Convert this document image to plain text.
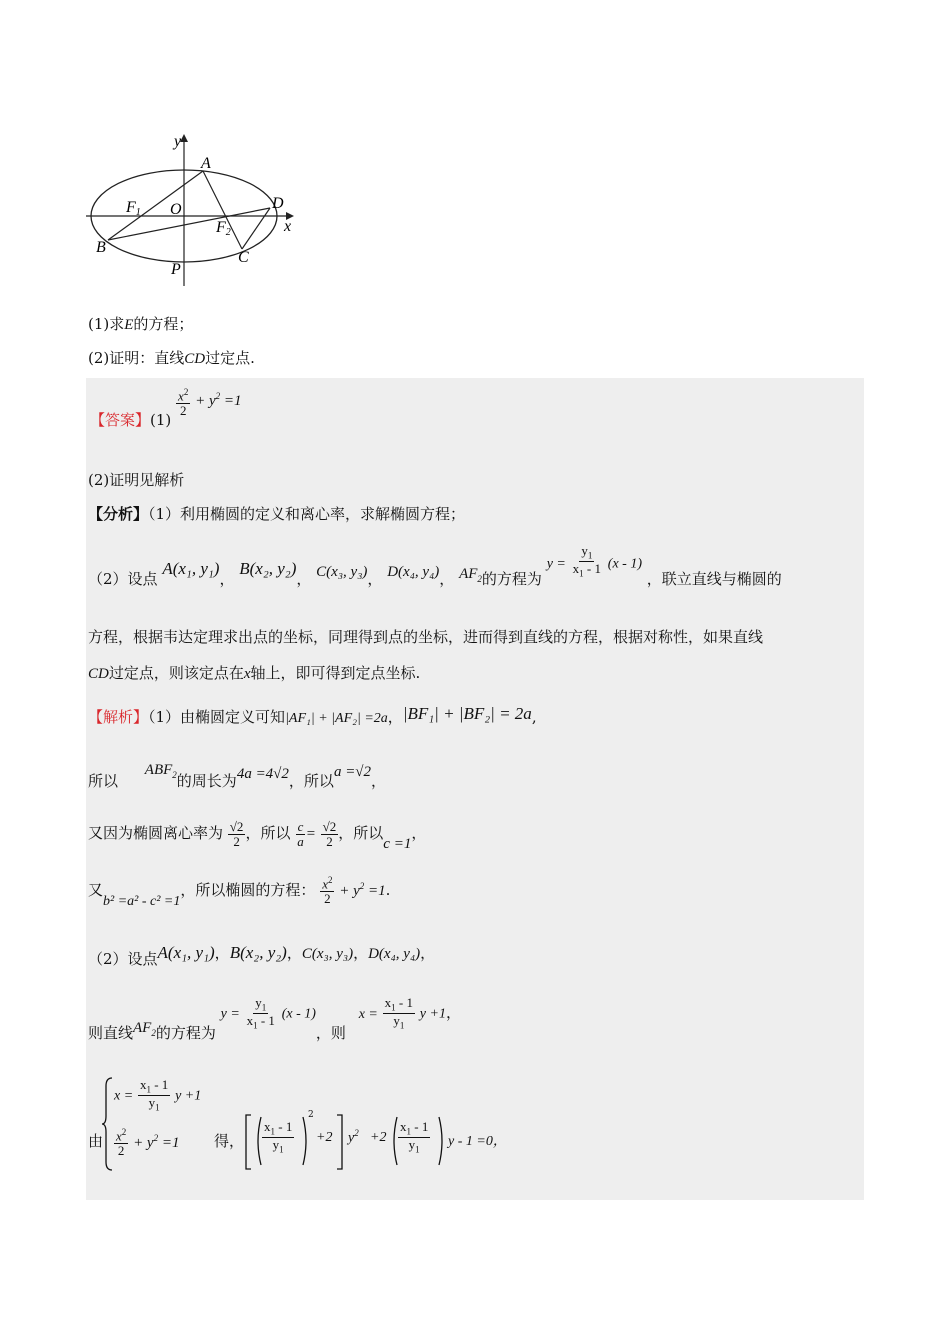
y
A
F1 O	D
F2	x
B
C
P
(1)求E的方程；
(2)证明：直线CD过定点.
【答案】(1)
$\frac{x^2}{2} + y^2 =1$
(2)证明见解析
【分析】（1）利用椭圆的定义和离心率，求解椭圆方程；
（2）设点 A(x₁, y₁)， B(x₂, y₂)， C(x₃, y₃)， D(x₄, y₄)， $AF_2$的方程为 $y = \frac{y_1}{x_1 - 1} (x - 1)$ ，联立直线与椭圆的
方程，根据韦达定理求出点的坐标，同理得到点的坐标，进而得到直线的方程，根据对称性，如果直线
CD过定点，则该定点在x轴上，即可得到定点坐标.
【解析】（1）由椭圆定义可知|AF₁| + |AF₂| =2a，|BF₁| + |BF₂| = 2a,
所以 $ABF_2$的周长为4a =4√2，所以a =√2，
又因为椭圆离心率为 $\frac{√2}{2}$ ，所以 $\frac{c}{a} = \frac{√2}{2}$ ，所以c =1，
又b² =a² - c² =1，所以椭圆的方程： $\frac{x^2}{2} + y^2 =1$.
（2）设点A(x₁, y₁)，B(x₂, y₂)，C(x₃, y₃)，D(x₄, y₄)，
则直线$AF_2$的方程为 $y = \frac{y_1}{x_1 - 1} (x - 1)$，则 $x = \frac{x_1 - 1}{y_1}$ y +1，
由
$x = \frac{x_1 - 1}{y_1}$ y +1
$\frac{x^2}{2} + y^2 =1$ 得， $\frac{x_1 - 1}{y_1}$
2
+2 $y^2 +2 \frac{x_1 - 1}{y_1}$ y - 1 =0，
